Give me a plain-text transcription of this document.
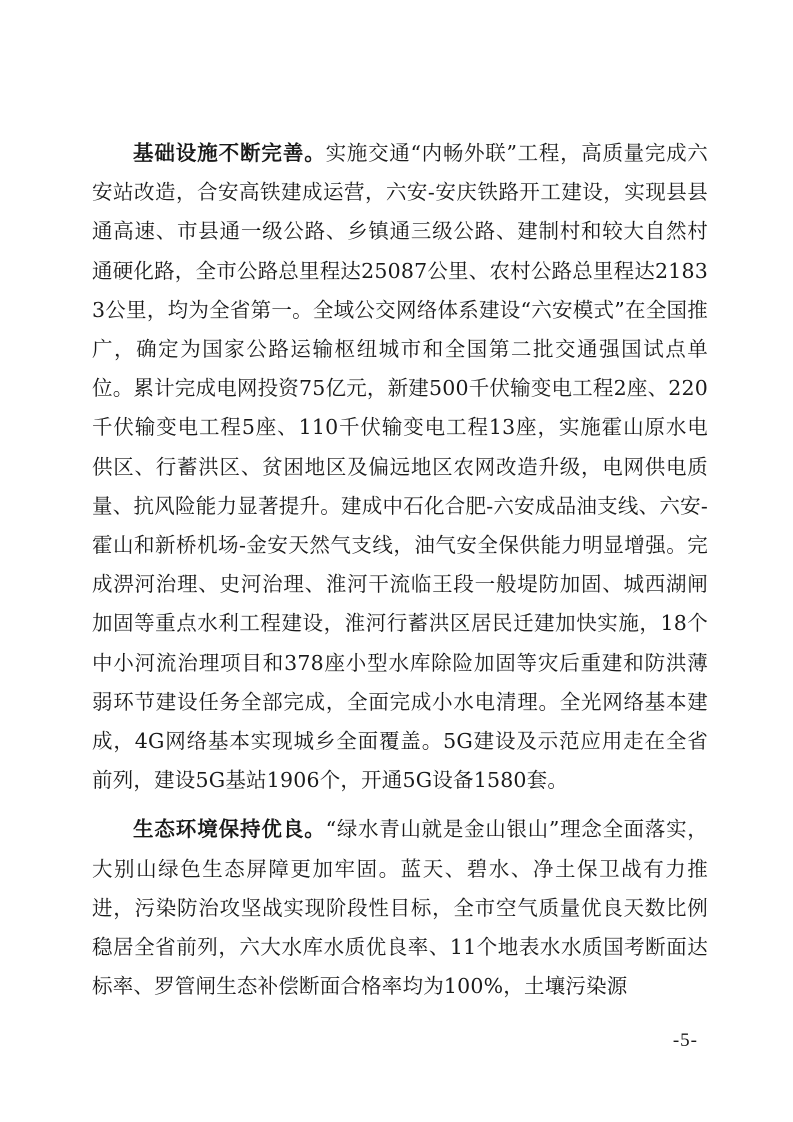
基础设施不断完善。实施交通“内畅外联”工程，高质量完成六安站改造，合安高铁建成运营，六安-安庆铁路开工建设，实现县县通高速、市县通一级公路、乡镇通三级公路、建制村和较大自然村通硬化路，全市公路总里程达25087公里、农村公路总里程达21833公里，均为全省第一。全域公交网络体系建设“六安模式”在全国推广，确定为国家公路运输枢纽城市和全国第二批交通强国试点单位。累计完成电网投资75亿元，新建500千伏输变电工程2座、220千伏输变电工程5座、110千伏输变电工程13座，实施霍山原水电供区、行蓄洪区、贫困地区及偏远地区农网改造升级，电网供电质量、抗风险能力显著提升。建成中石化合肥-六安成品油支线、六安-霍山和新桥机场-金安天然气支线，油气安全保供能力明显增强。完成淠河治理、史河治理、淮河干流临王段一般堤防加固、城西湖闸加固等重点水利工程建设，淮河行蓄洪区居民迁建加快实施，18个中小河流治理项目和378座小型水库除险加固等灾后重建和防洪薄弱环节建设任务全部完成，全面完成小水电清理。全光网络基本建成，4G网络基本实现城乡全面覆盖。5G建设及示范应用走在全省前列，建设5G基站1906个，开通5G设备1580套。

生态环境保持优良。“绿水青山就是金山银山”理念全面落实，大别山绿色生态屏障更加牢固。蓝天、碧水、净土保卫战有力推进，污染防治攻坚战实现阶段性目标，全市空气质量优良天数比例稳居全省前列，六大水库水质优良率、11个地表水水质国考断面达标率、罗管闸生态补偿断面合格率均为100%，土壤污染源

-5-
